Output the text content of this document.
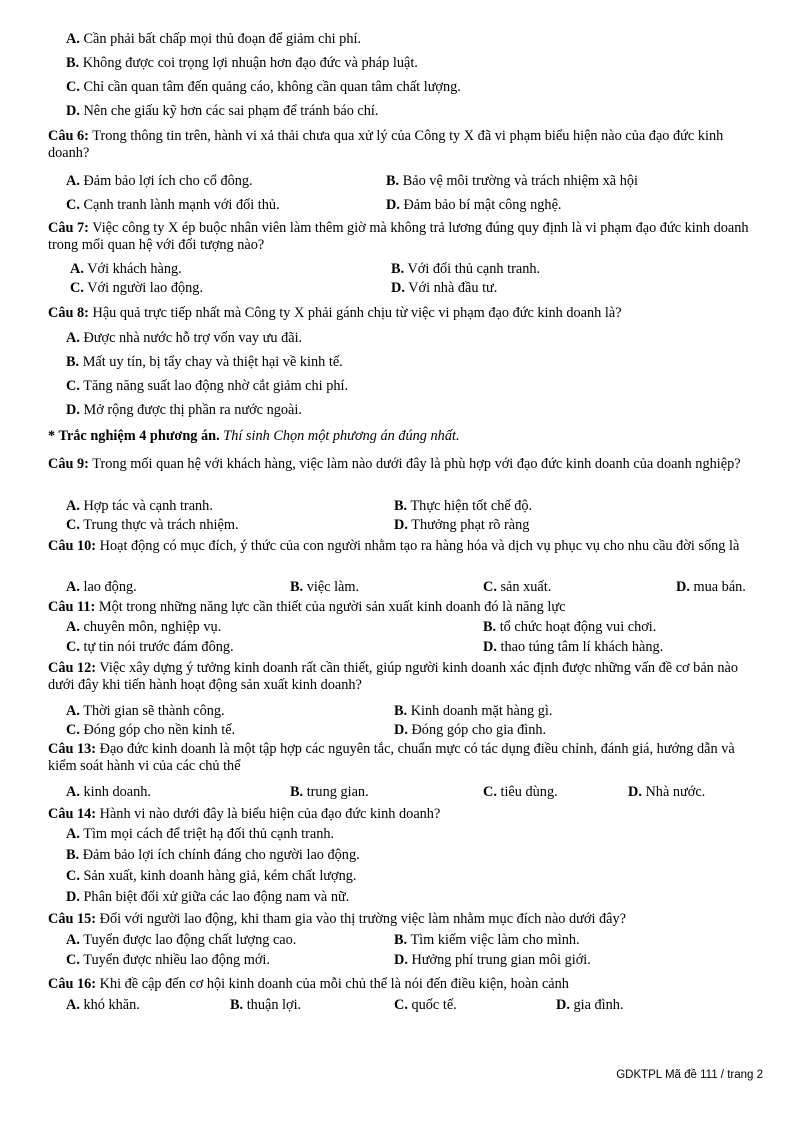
A. Cần phải bất chấp mọi thủ đoạn để giảm chi phí.
B. Không được coi trọng lợi nhuận hơn đạo đức và pháp luật.
C. Chỉ cần quan tâm đến quảng cáo, không cần quan tâm chất lượng.
D. Nên che giấu kỹ hơn các sai phạm để tránh báo chí.
Câu 6: Trong thông tin trên, hành vi xả thải chưa qua xử lý của Công ty X đã vi phạm biểu hiện nào của đạo đức kinh doanh?
A. Đảm bảo lợi ích cho cổ đông.	B. Bảo vệ môi trường và trách nhiệm xã hội
C. Cạnh tranh lành mạnh với đối thủ.	D. Đảm bảo bí mật công nghệ.
Câu 7: Việc công ty X ép buộc nhân viên làm thêm giờ mà không trả lương đúng quy định là vi phạm đạo đức kinh doanh trong mối quan hệ với đối tượng nào?
A. Với khách hàng.	B. Với đối thủ cạnh tranh.
C. Với người lao động.	D. Với nhà đầu tư.
Câu 8: Hậu quả trực tiếp nhất mà Công ty X phải gánh chịu từ việc vi phạm đạo đức kinh doanh là?
A. Được nhà nước hỗ trợ vốn vay ưu đãi.
B. Mất uy tín, bị tẩy chay và thiệt hại về kinh tế.
C. Tăng năng suất lao động nhờ cắt giảm chi phí.
D. Mở rộng được thị phần ra nước ngoài.
* Trắc nghiệm 4 phương án. Thí sinh Chọn một phương án đúng nhất.
Câu 9: Trong mối quan hệ với khách hàng, việc làm nào dưới đây là phù hợp với đạo đức kinh doanh của doanh nghiệp?
A. Hợp tác và cạnh tranh.	B. Thực hiện tốt chế độ.
C. Trung thực và trách nhiệm.	D. Thưởng phạt rõ ràng
Câu 10: Hoạt động có mục đích, ý thức của con người nhằm tạo ra hàng hóa và dịch vụ phục vụ cho nhu cầu đời sống là
A. lao động.	B. việc làm.	C. sản xuất.	D. mua bán.
Câu 11: Một trong những năng lực cần thiết của người sản xuất kinh doanh đó là năng lực
A. chuyên môn, nghiệp vụ.	B. tổ chức hoạt động vui chơi.
C. tự tin nói trước đám đông.	D. thao túng tâm lí khách hàng.
Câu 12: Việc xây dựng ý tưởng kinh doanh rất cần thiết, giúp người kinh doanh xác định được những vấn đề cơ bản nào dưới đây khi tiến hành hoạt động sản xuất kinh doanh?
A. Thời gian sẽ thành công.	B. Kinh doanh mặt hàng gì.
C. Đóng góp cho nền kinh tế.	D. Đóng góp cho gia đình.
Câu 13: Đạo đức kinh doanh là một tập hợp các nguyên tắc, chuẩn mực có tác dụng điều chỉnh, đánh giá, hướng dẫn và kiểm soát hành vi của các chủ thể
A. kinh doanh.	B. trung gian.	C. tiêu dùng.	D. Nhà nước.
Câu 14: Hành vi nào dưới đây là biểu hiện của đạo đức kinh doanh?
A. Tìm mọi cách để triệt hạ đối thủ cạnh tranh.
B. Đảm bảo lợi ích chính đáng cho người lao động.
C. Sản xuất, kinh doanh hàng giả, kém chất lượng.
D. Phân biệt đối xử giữa các lao động nam và nữ.
Câu 15: Đối với người lao động, khi tham gia vào thị trường việc làm nhằm mục đích nào dưới đây?
A. Tuyển được lao động chất lượng cao.	B. Tìm kiếm việc làm cho mình.
C. Tuyển được nhiều lao động mới.	D. Hưởng phí trung gian môi giới.
Câu 16: Khi đề cập đến cơ hội kinh doanh của mỗi chủ thể là nói đến điều kiện, hoàn cảnh
A. khó khăn.	B. thuận lợi.	C. quốc tế.	D. gia đình.
GDKTPL Mã đề 111 / trang 2
